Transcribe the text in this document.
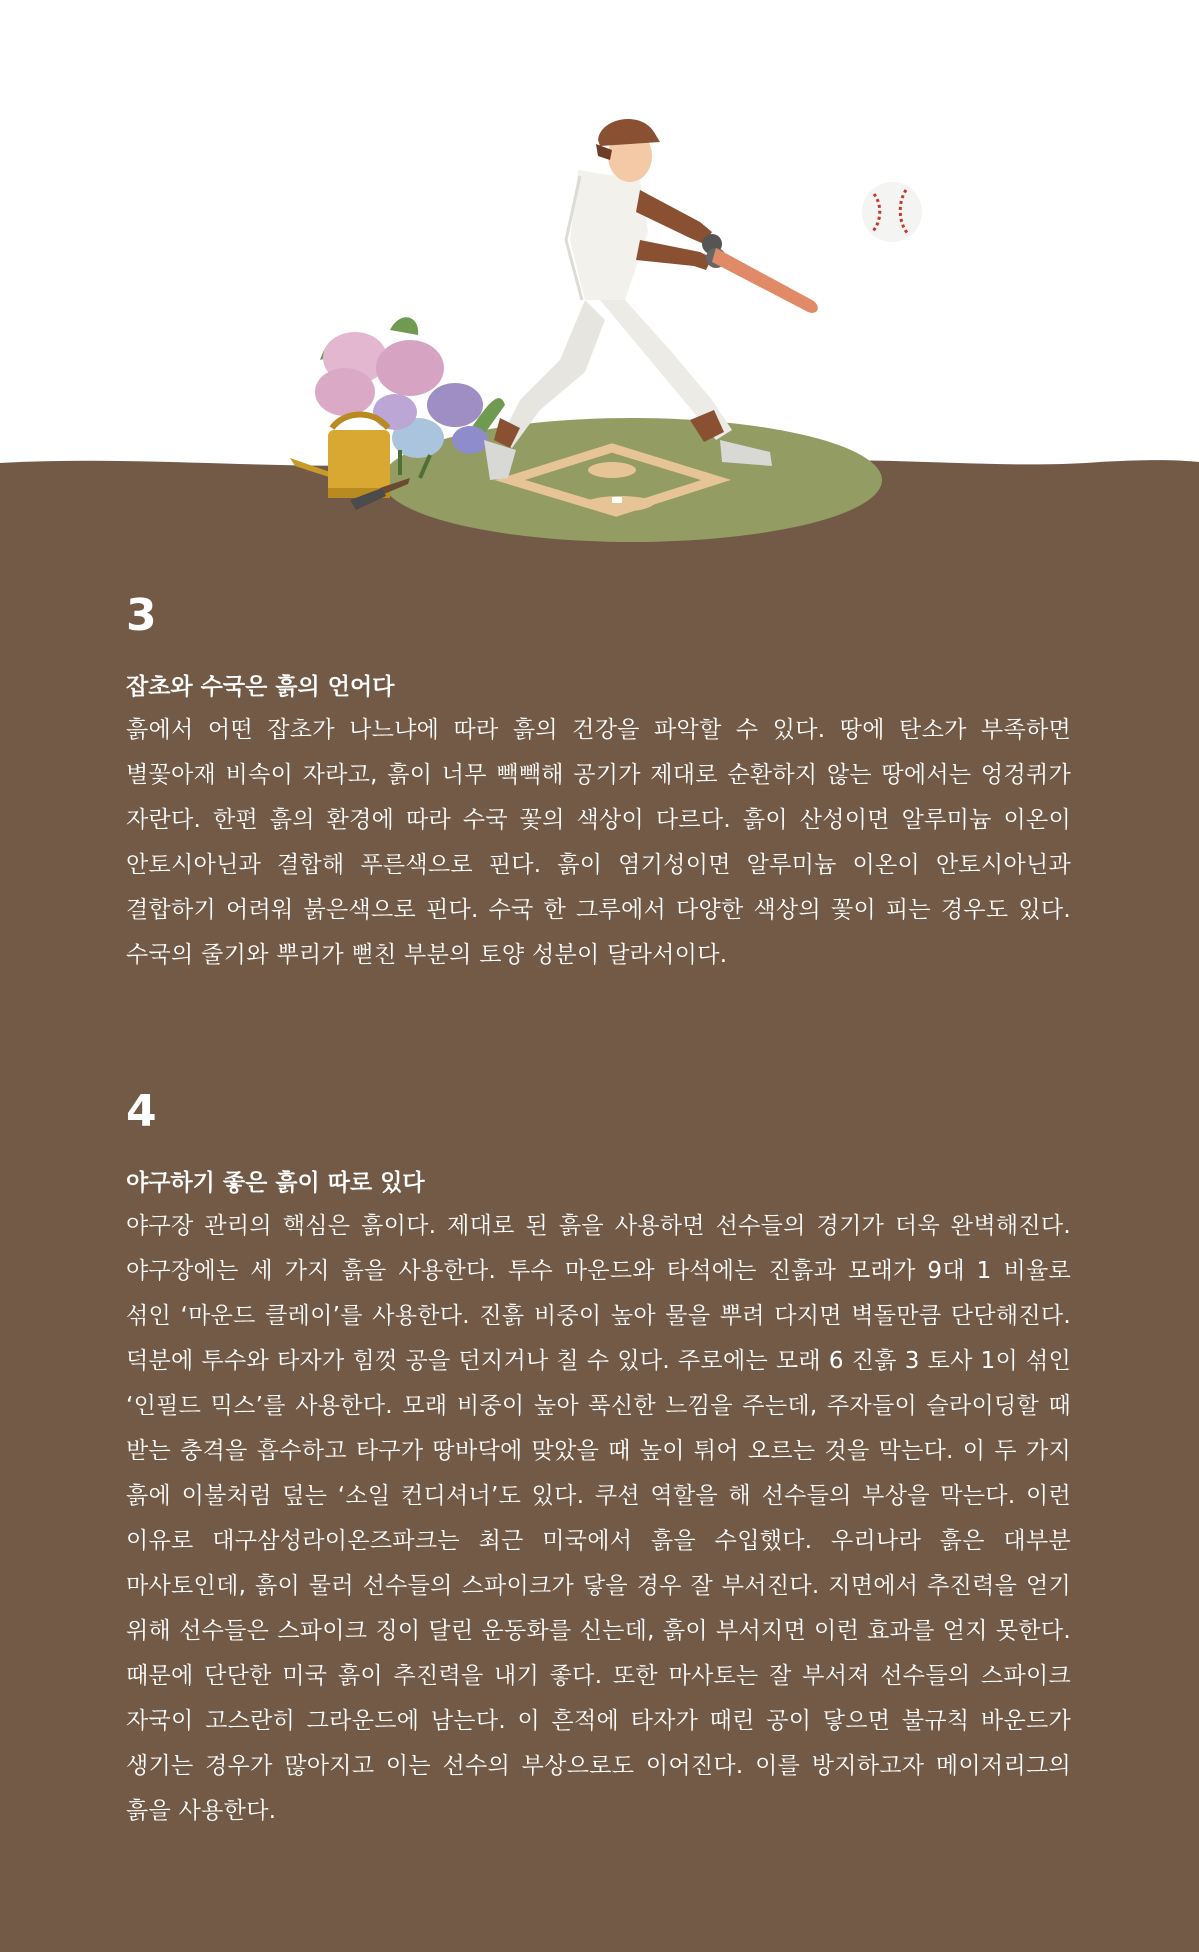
3

잡초와 수국은 흙의 언어다

흙에서 어떤 잡초가 나느냐에 따라 흙의 건강을 파악할 수 있다. 땅에 탄소가 부족하면 별꽃아재 비속이 자라고, 흙이 너무 빽빽해 공기가 제대로 순환하지 않는 땅에서는 엉겅퀴가 자란다. 한편 흙의 환경에 따라 수국 꽃의 색상이 다르다. 흙이 산성이면 알루미늄 이온이 안토시아닌과 결합해 푸른색으로 핀다. 흙이 염기성이면 알루미늄 이온이 안토시아닌과 결합하기 어려워 붉은색으로 핀다. 수국 한 그루에서 다양한 색상의 꽃이 피는 경우도 있다. 수국의 줄기와 뿌리가 뻗친 부분의 토양 성분이 달라서이다.

4

야구하기 좋은 흙이 따로 있다

야구장 관리의 핵심은 흙이다. 제대로 된 흙을 사용하면 선수들의 경기가 더욱 완벽해진다. 야구장에는 세 가지 흙을 사용한다. 투수 마운드와 타석에는 진흙과 모래가 9대 1 비율로 섞인 ‘마운드 클레이’를 사용한다. 진흙 비중이 높아 물을 뿌려 다지면 벽돌만큼 단단해진다. 덕분에 투수와 타자가 힘껏 공을 던지거나 칠 수 있다. 주로에는 모래 6 진흙 3 토사 1이 섞인 ‘인필드 믹스’를 사용한다. 모래 비중이 높아 푹신한 느낌을 주는데, 주자들이 슬라이딩할 때 받는 충격을 흡수하고 타구가 땅바닥에 맞았을 때 높이 튀어 오르는 것을 막는다. 이 두 가지 흙에 이불처럼 덮는 ‘소일 컨디셔너’도 있다. 쿠션 역할을 해 선수들의 부상을 막는다. 이런 이유로 대구삼성라이온즈파크는 최근 미국에서 흙을 수입했다. 우리나라 흙은 대부분 마사토인데, 흙이 물러 선수들의 스파이크가 닿을 경우 잘 부서진다. 지면에서 추진력을 얻기 위해 선수들은 스파이크 징이 달린 운동화를 신는데, 흙이 부서지면 이런 효과를 얻지 못한다. 때문에 단단한 미국 흙이 추진력을 내기 좋다. 또한 마사토는 잘 부서져 선수들의 스파이크 자국이 고스란히 그라운드에 남는다. 이 흔적에 타자가 때린 공이 닿으면 불규칙 바운드가 생기는 경우가 많아지고 이는 선수의 부상으로도 이어진다. 이를 방지하고자 메이저리그의 흙을 사용한다.
